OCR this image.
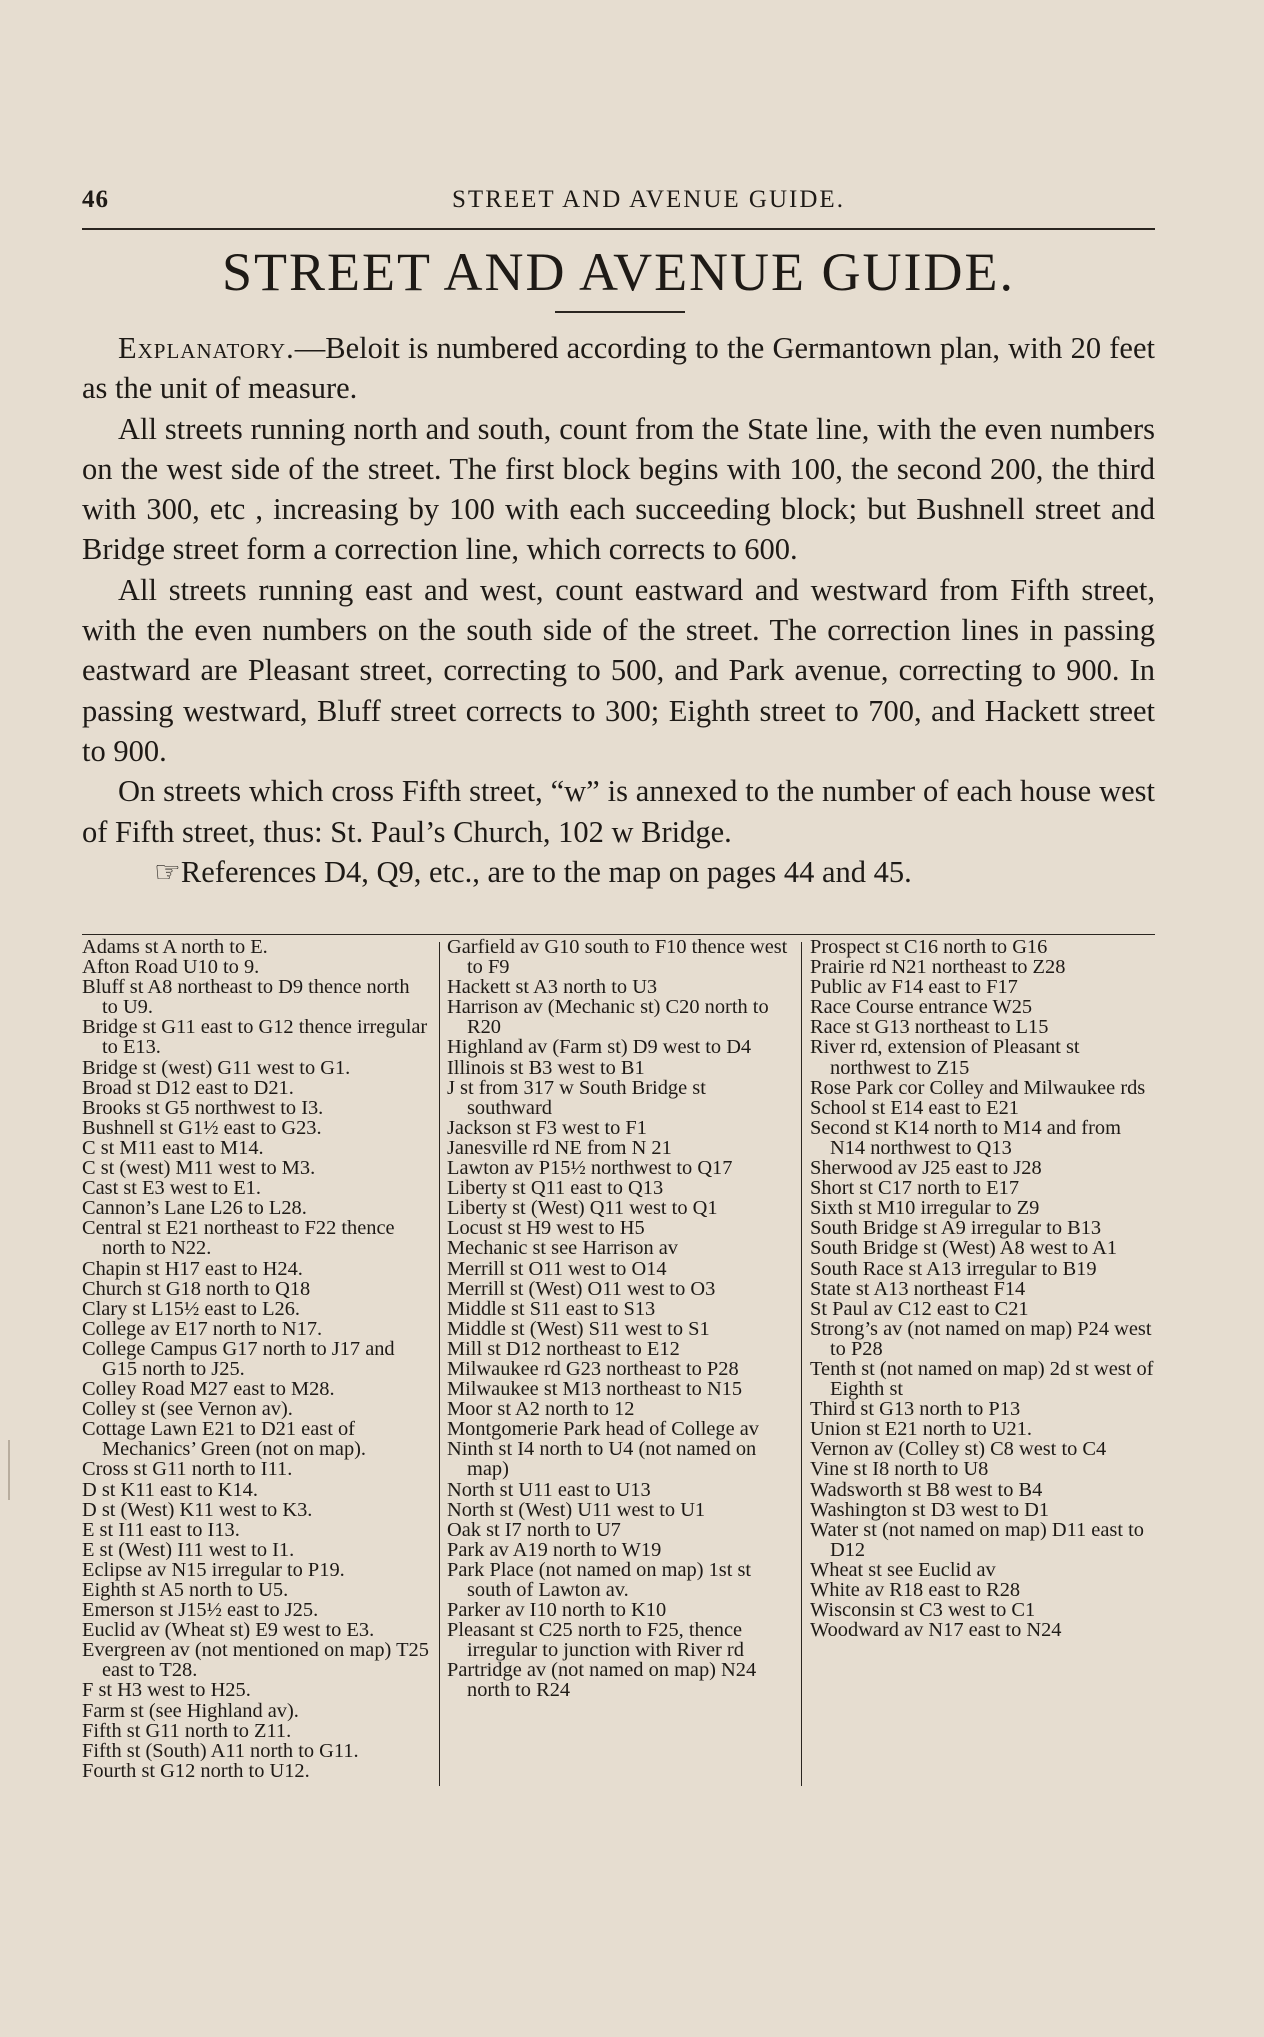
46	STREET AND AVENUE GUIDE.
STREET AND AVENUE GUIDE.

Explanatory.—Beloit is numbered according to the Germantown plan, with 20 feet as the unit of measure.

All streets running north and south, count from the State line, with the even numbers on the west side of the street. The first block begins with 100, the second 200, the third with 300, etc , increasing by 100 with each succeeding block; but Bushnell street and Bridge street form a correction line, which corrects to 600.

All streets running east and west, count eastward and westward from Fifth street, with the even numbers on the south side of the street. The correction lines in passing eastward are Pleasant street, correcting to 500, and Park avenue, correcting to 900. In passing westward, Bluff street corrects to 300; Eighth street to 700, and Hackett street to 900.

On streets which cross Fifth street, “w” is annexed to the number of each house west of Fifth street, thus: St. Paul’s Church, 102 w Bridge.

☞References D4, Q9, etc., are to the map on pages 44 and 45.

Adams st A north to E.
Afton Road U10 to 9.
Bluff st A8 northeast to D9 thence north to U9.
Bridge st G11 east to G12 thence irregular to E13.
Bridge st (west) G11 west to G1.
Broad st D12 east to D21.
Brooks st G5 northwest to I3.
Bushnell st G1½ east to G23.
C st M11 east to M14.
C st (west) M11 west to M3.
Cast st E3 west to E1.
Cannon’s Lane L26 to L28.
Central st E21 northeast to F22 thence north to N22.
Chapin st H17 east to H24.
Church st G18 north to Q18
Clary st L15½ east to L26.
College av E17 north to N17.
College Campus G17 north to J17 and G15 north to J25.
Colley Road M27 east to M28.
Colley st (see Vernon av).
Cottage Lawn E21 to D21 east of Mechanics’ Green (not on map).
Cross st G11 north to I11.
D st K11 east to K14.
D st (West) K11 west to K3.
E st I11 east to I13.
E st (West) I11 west to I1.
Eclipse av N15 irregular to P19.
Eighth st A5 north to U5.
Emerson st J15½ east to J25.
Euclid av (Wheat st) E9 west to E3.
Evergreen av (not mentioned on map) T25 east to T28.
F st H3 west to H25.
Farm st (see Highland av).
Fifth st G11 north to Z11.
Fifth st (South) A11 north to G11.
Fourth st G12 north to U12.
Garfield av G10 south to F10 thence west to F9
Hackett st A3 north to U3
Harrison av (Mechanic st) C20 north to R20
Highland av (Farm st) D9 west to D4
Illinois st B3 west to B1
J st from 317 w South Bridge st southward
Jackson st F3 west to F1
Janesville rd NE from N 21
Lawton av P15½ northwest to Q17
Liberty st Q11 east to Q13
Liberty st (West) Q11 west to Q1
Locust st H9 west to H5
Mechanic st see Harrison av
Merrill st O11 west to O14
Merrill st (West) O11 west to O3
Middle st S11 east to S13
Middle st (West) S11 west to S1
Mill st D12 northeast to E12
Milwaukee rd G23 northeast to P28
Milwaukee st M13 northeast to N15
Moor st A2 north to 12
Montgomerie Park head of College av
Ninth st I4 north to U4 (not named on map)
North st U11 east to U13
North st (West) U11 west to U1
Oak st I7 north to U7
Park av A19 north to W19
Park Place (not named on map) 1st st south of Lawton av.
Parker av I10 north to K10
Pleasant st C25 north to F25, thence irregular to junction with River rd
Partridge av (not named on map) N24 north to R24
Prospect st C16 north to G16
Prairie rd N21 northeast to Z28
Public av F14 east to F17
Race Course entrance W25
Race st G13 northeast to L15
River rd, extension of Pleasant st northwest to Z15
Rose Park cor Colley and Milwaukee rds
School st E14 east to E21
Second st K14 north to M14 and from N14 northwest to Q13
Sherwood av J25 east to J28
Short st C17 north to E17
Sixth st M10 irregular to Z9
South Bridge st A9 irregular to B13
South Bridge st (West) A8 west to A1
South Race st A13 irregular to B19
State st A13 northeast F14
St Paul av C12 east to C21
Strong’s av (not named on map) P24 west to P28
Tenth st (not named on map) 2d st west of Eighth st
Third st G13 north to P13
Union st E21 north to U21.
Vernon av (Colley st) C8 west to C4
Vine st I8 north to U8
Wadsworth st B8 west to B4
Washington st D3 west to D1
Water st (not named on map) D11 east to D12
Wheat st see Euclid av
White av R18 east to R28
Wisconsin st C3 west to C1
Woodward av N17 east to N24
